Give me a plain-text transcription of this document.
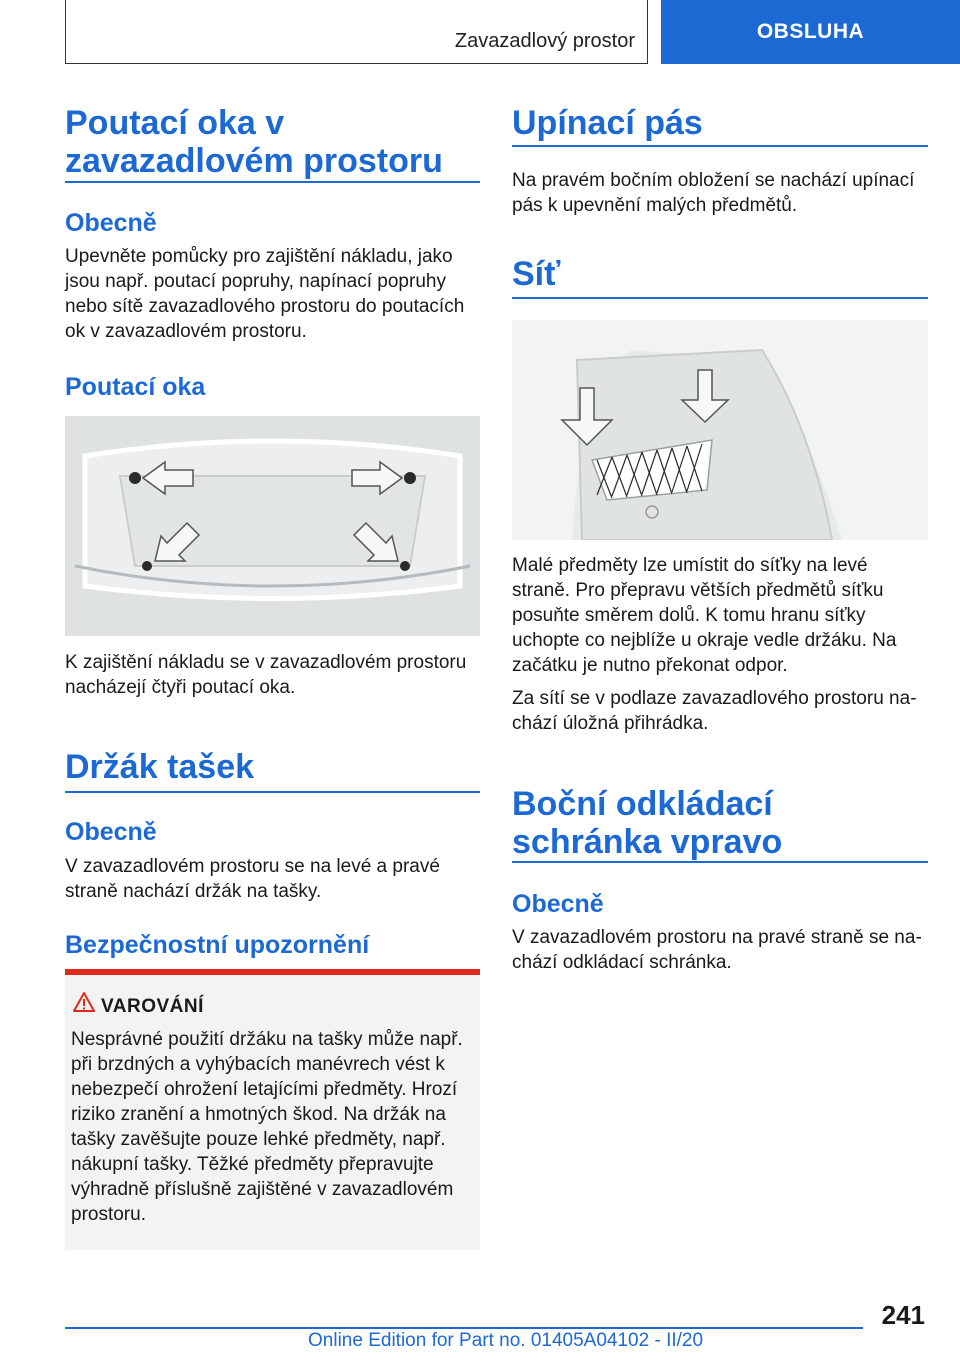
Zavazadlový prostor	OBSLUHA
Poutací oka v zavazadlovém prostoru
Obecně

Upevněte pomůcky pro zajištění nákladu, jako jsou např. poutací popruhy, napínací popruhy nebo sítě zavazadlového prostoru do poutacích ok v zavazadlovém prostoru.

Poutací oka

K zajištění nákladu se v zavazadlovém prostoru nacházejí čtyři poutací oka.

Držák tašek
Obecně

V zavazadlovém prostoru se na levé a pravé straně nachází držák na tašky.

Bezpečnostní upozornění
VAROVÁNÍ
Nesprávné použití držáku na tašky může např. při brzdných a vyhýbacích manévrech vést k nebezpečí ohrožení letajícími předměty. Hrozí riziko zranění a hmotných škod. Na držák na tašky zavěšujte pouze lehké předměty, např. nákupní tašky. Těžké předměty přepravujte výhradně příslušně zajištěné v zavazadlovém prostoru.
Upínací pás

Na pravém bočním obložení se nachází upínací pás k upevnění malých předmětů.

Síť

Malé předměty lze umístit do síťky na levé straně. Pro přepravu větších předmětů síťku posuňte směrem dolů. K tomu hranu síťky uchopte co nejblíže u okraje vedle držáku. Na začátku je nutno překonat odpor.

Za sítí se v podlaze zavazadlového prostoru nachází úložná přihrádka.

Boční odkládací schránka vpravo
Obecně

V zavazadlovém prostoru na pravé straně se nachází odkládací schránka.

241
Online Edition for Part no. 01405A04102 - II/20
